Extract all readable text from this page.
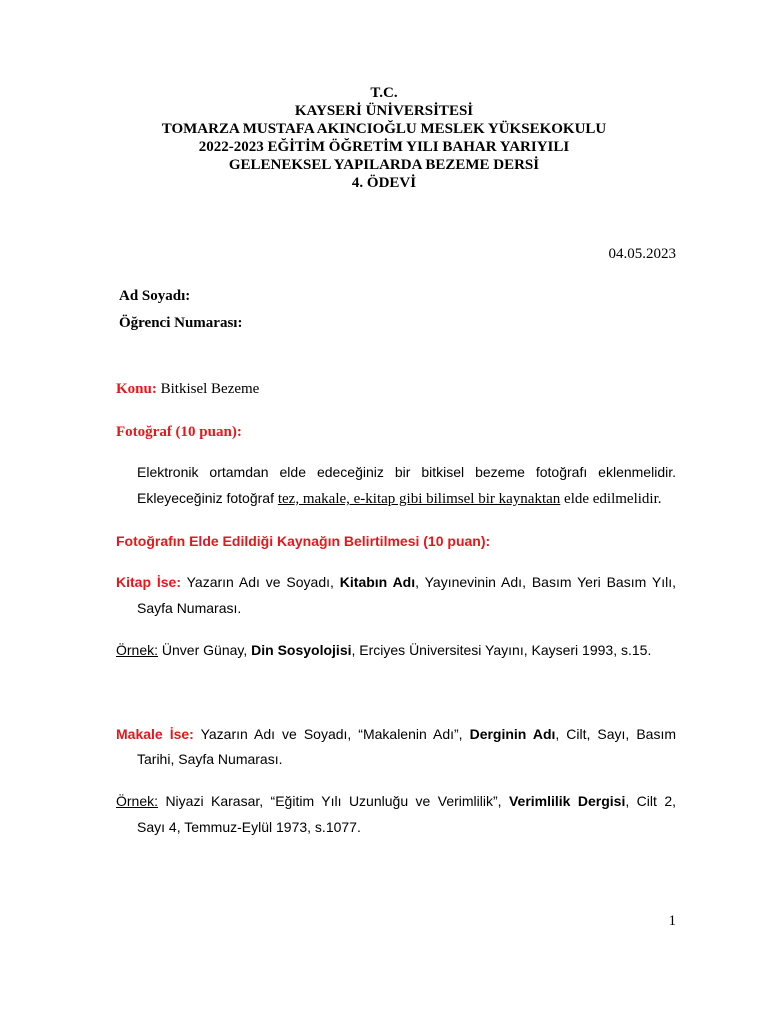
T.C.
KAYSERİ ÜNİVERSİTESİ
TOMARZA MUSTAFA AKINCIOĞLU MESLEK YÜKSEKOKULU
2022-2023 EĞİTİM ÖĞRETİM YILI BAHAR YARIYILI
GELENEKSEL YAPILARDA BEZEME DERSİ
4. ÖDEVİ
04.05.2023
Ad Soyadı:
Öğrenci Numarası:
Konu: Bitkisel Bezeme
Fotoğraf (10 puan):
Elektronik ortamdan elde edeceğiniz bir bitkisel bezeme fotoğrafı eklenmelidir.
Ekleyeceğiniz fotoğraf tez, makale, e-kitap gibi bilimsel bir kaynaktan elde edilmelidir.
Fotoğrafın Elde Edildiği Kaynağın Belirtilmesi (10 puan):
Kitap İse: Yazarın Adı ve Soyadı, Kitabın Adı, Yayınevinin Adı, Basım Yeri Basım Yılı,
Sayfa Numarası.
Örnek: Ünver Günay, Din Sosyolojisi, Erciyes Üniversitesi Yayını, Kayseri 1993, s.15.
Makale İse: Yazarın Adı ve Soyadı, “Makalenin Adı”, Derginin Adı, Cilt, Sayı, Basım
Tarihi, Sayfa Numarası.
Örnek: Niyazi Karasar, “Eğitim Yılı Uzunluğu ve Verimlilik”, Verimlilik Dergisi, Cilt 2,
Sayı 4, Temmuz-Eylül 1973, s.1077.
1
